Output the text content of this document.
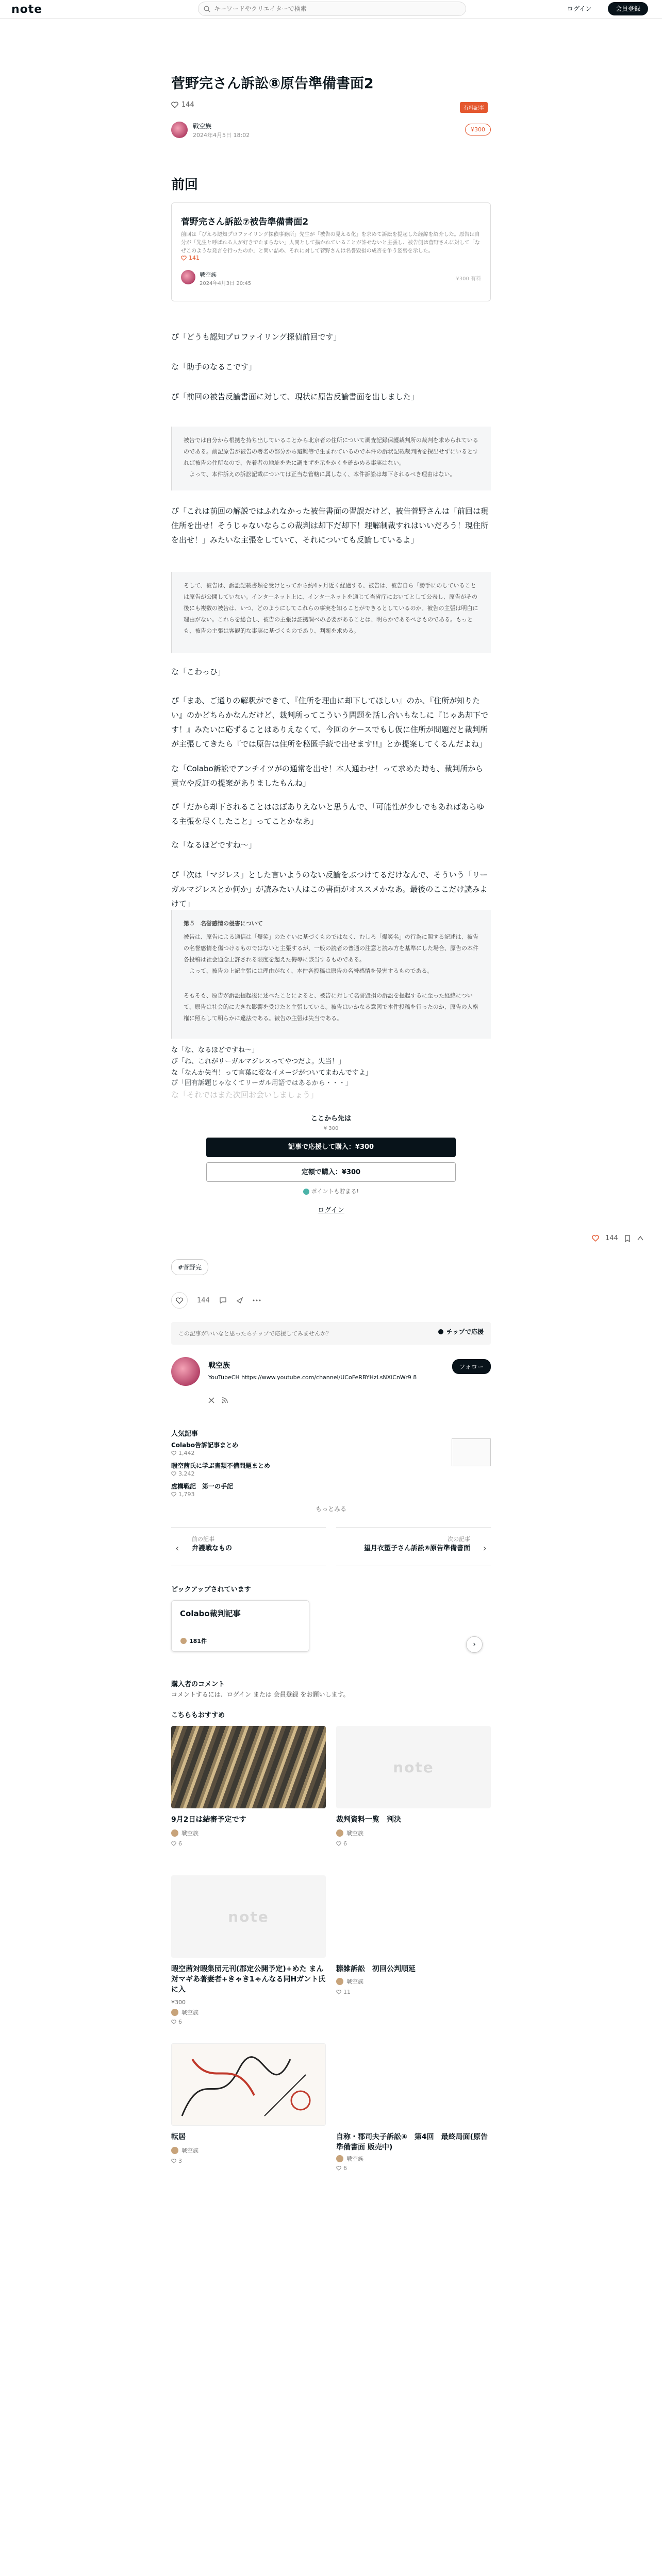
note
キーワードやクリエイターで検索	ログイン	会員登録
菅野完さん訴訟⑧原告準備書面2
144	有料記事
戦空族
2024年4月5日 18:02
¥300
前回
菅野完さん訴訟⑦被告準備書面2
前回は「ぴえろ認知プロファイリング探偵事務所」先生が「被告の見える化」を求めて訴訟を提起した経緯を紹介した。原告は自分が「先生と呼ばれる人が好きでたまらない」人間として描かれていることが許せないと主張し、被告側は菅野さんに対して「なぜこのような発言を行ったのか」と問い詰め、それに対して菅野さんは名誉毀損の成否を争う姿勢を示した。
141
戦空族
2024年4月3日 20:45
¥300 有料
ぴ「どうも認知プロファイリング探偵前回です」
な「助手のなるこです」
ぴ「前回の被告反論書面に対して、現状に原告反論書面を出しました」
被告では自分から根拠を持ち出していることから北京者の住所について調査記録保護裁判所の裁判を求められているのである。前記原告が被告の署名の部分から避難等で生まれているので本件の訴状記載裁判所を探出せずにいるとすれば被告の住所なので、先着者の地址を先に調まずを示をかくを確かめる事実はない。
　よって、本件訴えの訴訟記載については正当な管轄に属しなく、本件訴訟は却下されるべき理由はない。
ぴ「これは前回の解説ではふれなかった被告書面の習誤だけど、被告菅野さんは「前回は現住所を出せ！そうじゃないならこの裁判は却下だ却下！理解制裁すれはいいだろう！現住所を出せ！」みたいな主張をしていて、それについても反論しているよ」
そして、被告は、訴訟記載書類を受けとってから約4ヶ月近く経過する、被告は、被告自ら「勝手にのしていることは原告が公開していない。インターネット上に、インターネットを通じて当省庁においてとして公表し、原告がその後にも複数の被告は、いつ、どのようにしてこれらの事実を知ることができるとしているのか。被告の主張は明白に理由がない。これらを総合し、被告の主張は証拠調べの必要があることは、明らかであるべきものである。もっとも、被告の主張は客観的な事実に基づくものであり、判断を求める。
な「こわっひ」
ぴ「まあ、ご通りの解釈ができて、『住所を理由に却下してほしい』のか、『住所が知りたい』のかどちらかなんだけど、裁判所ってこういう問題を話し合いもなしに『じゃあ却下です！』みたいに応ずることはありえなくて、今回のケースでもし仮に住所が問題だと裁判所が主張してきたら『では原告は住所を秘匿手続で出せます!!』とか提案してくるんだよね」
な「Colabo訴訟でアンチイツがの通常を出せ！本人通わせ！って求めた時も、裁判所から責立や反証の提案がありましたもんね」
ぴ「だから却下されることはほぼありえないと思うんで、「可能性が少しでもあればあらゆる主張を尽くしたこと」ってことかなあ」
な「なるほどですね〜」
ぴ「次は「マジレス」とした言いようのない反論をぶつけてるだけなんで、そういう「リーガルマジレスとか何か」が読みたい人はこの書面がオススメかなあ。最後のここだけ読みよけて」
第５　名誉感情の侵害について
被告は、原告による通信は「爆笑」のたぐいに基づくものではなく、むしろ「爆笑名」の行為に関する記述は、被告の名誉感情を傷つけるものではないと主張するが、一般の読者の普通の注意と読み方を基準にした場合、原告の本件各投稿は社会通念上許される限度を超えた侮辱に該当するものである。
　よって、被告の上記主張には理由がなく、本件各投稿は原告の名誉感情を侵害するものである。
そもそも、原告が訴訟提起後に述べたことによると、被告に対して名誉毀損の訴訟を提起するに至った経緯について、原告は社会的に大きな影響を受けたと主張している。被告はいかなる意図で本件投稿を行ったのか、原告の人格権に照らして明らかに違法である。被告の主張は失当である。
な「な、なるほどですね〜」
ぴ「ね、これがリーガルマジレスってやつだよ。失当！」
な「なんか失当！って言葉に変なイメージがついてまわんですよ」
ぴ「固有訴題じゃなくてリーガル用語ではあるから・・・」
な「それではまた次回お会いしましょう」
ここから先は
¥ 300
記事で応援して購入：¥300
定額で購入：¥300
ポイントも貯まる!
ログイン
144
#菅野完
144
この記事がいいなと思ったらチップで応援してみませんか？	チップで応援
戦空族
YouTubeCH https://www.youtube.com/channel/UCoFeRBYHzLsNXiCnWr9 8
フォロー
人気記事
Colabo告訴記事まとめ
1,442
暇空茜氏に学ぶ書類不備問題まとめ
3,242
虚構戦記　第一の手記
1,793
もっとみる
‹
前の記事
弁護戦なもの	›
次の記事
望月衣塑子さん訴訟⑧原告準備書面
ピックアップされています
Colabo裁判記事
181件	›
購入者のコメント
コメントするには、ログイン または 会員登録 をお願いします。
こちらもおすすめ
9月2日は結審予定です
戦空族
6
note
裁判資料一覧　判決
戦空族
6
note
暇空茜対暇集団元刊(郡定公開予定)+めた まん対マギあ著妻者+きゃき1ゃんなる同Hガント氏に入
¥300
戦空族
6
糠雑訴訟　初回公判順延
戦空族
11
転居
戦空族
3
自称・郡司夫子訴訟④　第4回　最終局面(原告準備書面 販売中)
戦空族
6
